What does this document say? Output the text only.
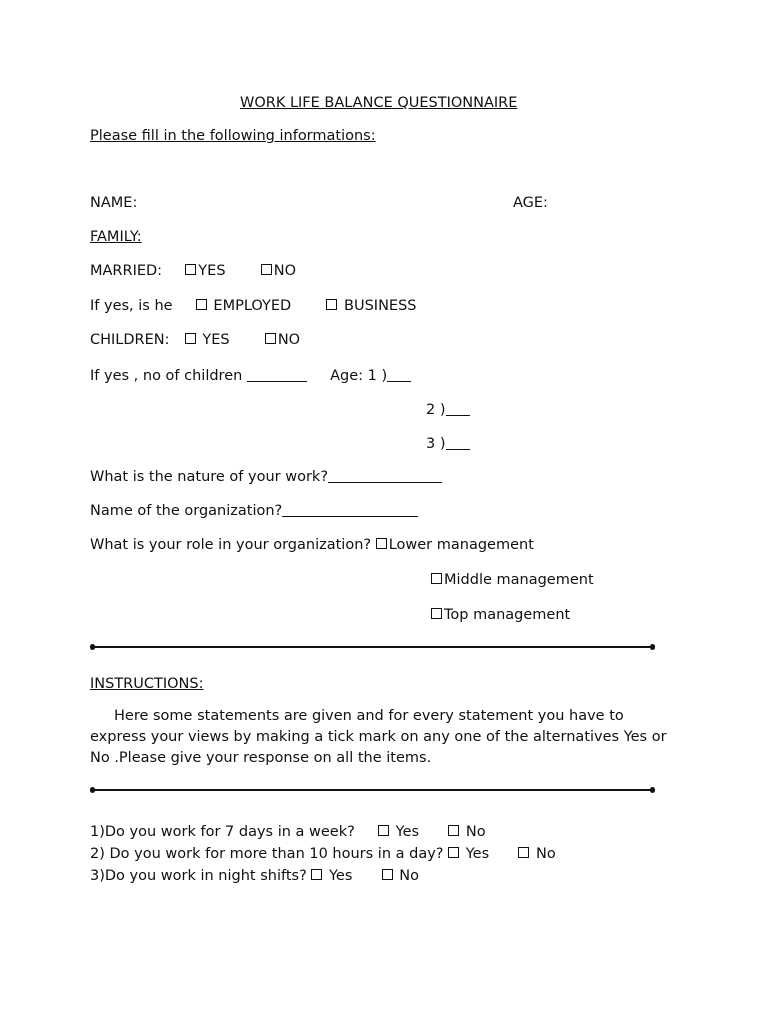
WORK LIFE BALANCE QUESTIONNAIRE
Please fill in the following informations:
NAME:	AGE:
FAMILY:
MARRIED: YES	NO
If yes, is he	EMPLOYED	BUSINESS
CHILDREN: YES	NO
If yes , no of children	Age: 1 )
2 )
3 )
What is the nature of your work?
Name of the organization?
What is your role in your organization? Lower management
Middle management
Top management
INSTRUCTIONS:
Here some statements are given and for every statement you have to express your views by making a tick mark on any one of the alternatives Yes or No .Please give your response on all the items.
1)Do you work for 7 days in a week?	Yes	No
2) Do you work for more than 10 hours in a day? Yes	No
3)Do you work in night shifts? Yes	No
